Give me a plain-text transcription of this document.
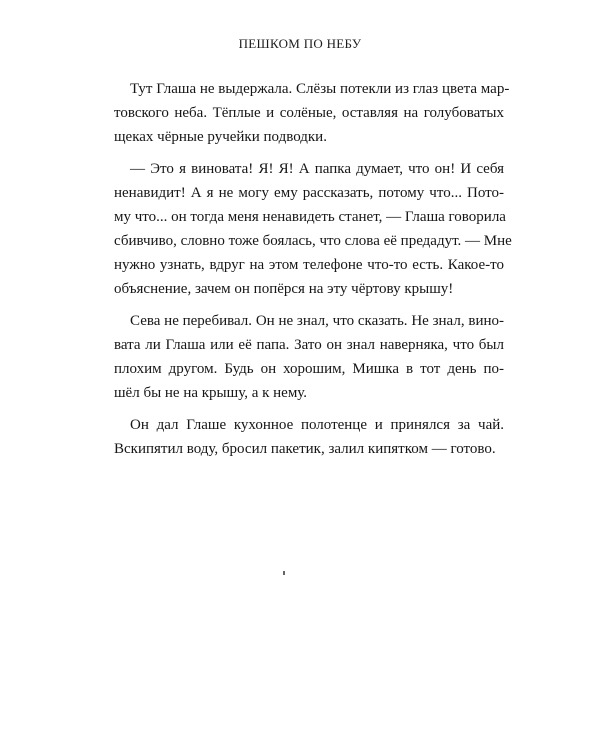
ПЕШКОМ ПО НЕБУ

Тут Глаша не выдержала. Слёзы потекли из глаз цвета мар-
товского неба. Тёплые и солёные, оставляя на голубоватых
щеках чёрные ручейки подводки.

— Это я виновата! Я! Я! А папка думает, что он! И себя
ненавидит! А я не могу ему рассказать, потому что... Пото-
му что... он тогда меня ненавидеть станет, — Глаша говорила
сбивчиво, словно тоже боялась, что слова её предадут. — Мне
нужно узнать, вдруг на этом телефоне что-то есть. Какое-то
объяснение, зачем он попёрся на эту чёртову крышу!

Сева не перебивал. Он не знал, что сказать. Не знал, вино-
вата ли Глаша или её папа. Зато он знал наверняка, что был
плохим другом. Будь он хорошим, Мишка в тот день по-
шёл бы не на крышу, а к нему.

Он дал Глаше кухонное полотенце и принялся за чай.
Вскипятил воду, бросил пакетик, залил кипятком — готово.
